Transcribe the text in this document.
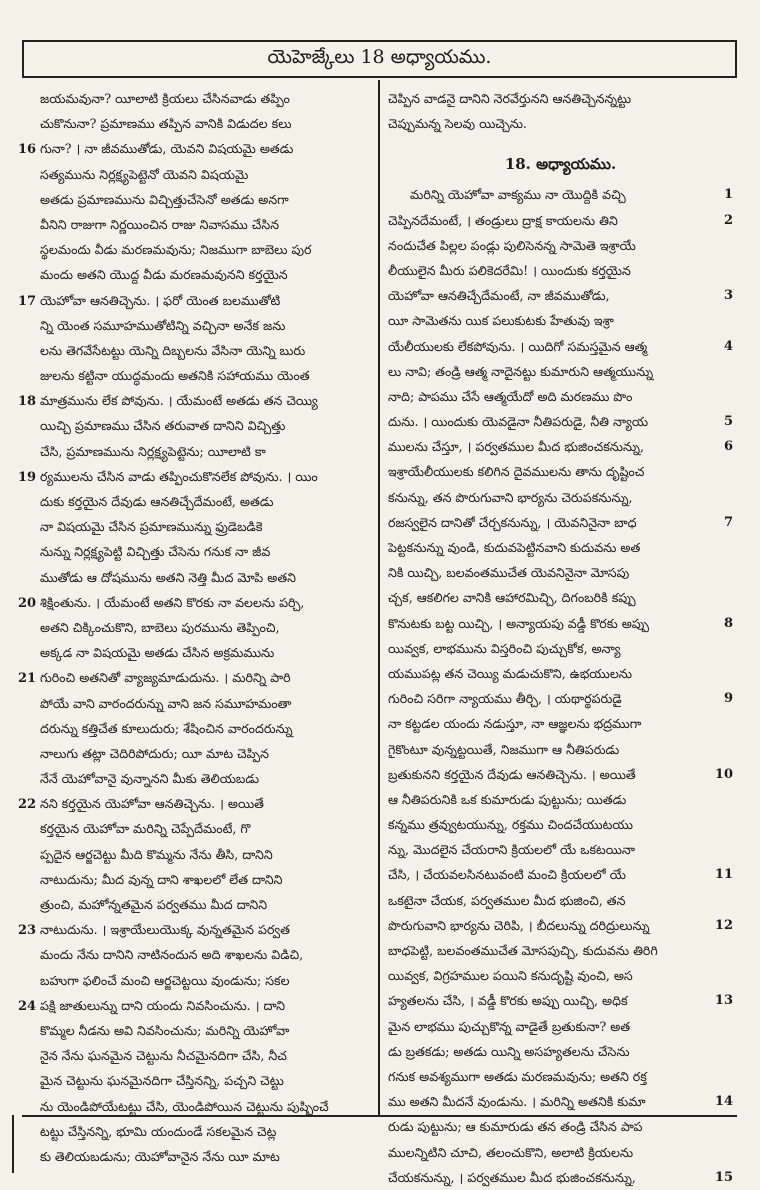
యెహెజ్కేలు 18 అధ్యాయము.
జయమవునా? యీలాటి క్రియలు చేసినవాడు తప్పిం
చుకొనునా? ప్రమాణము తప్పిన వానికి విడుదల కలు
16 గునా? । నా జీవముతోడు, యెవని విషయమై అతడు
సత్యమును నిర్లక్ష్యపెట్టెనో యెవని విషయమై
అతడు ప్రమాణమును విచ్చిత్తుచేసెనో అతడు అనగా
వీనిని రాజుగా నిర్ణయించిన రాజు నివాసము చేసిన
స్థలమందు వీడు మరణమవును; నిజముగా బాబెలు పుర
మందు అతని యొద్ద వీడు మరణమవునని కర్తయైన
17 యెహోవా ఆనతిచ్చెను. । ఫరో యెంత బలముతోటి
న్ని యెంత సమూహముతోటిన్ని వచ్చినా అనేక జను
లను తెగవేసేటట్టు యెన్ని దిబ్బలను వేసినా యెన్ని బురు
జులను కట్టినా యుద్ధమందు అతనికి సహాయము యెంత
18 మాత్రమును లేక పోవును. । యేమంటే అతడు తన చెయ్యి
యిచ్చి ప్రమాణము చేసిన తరువాత దానిని విచ్చిత్తు
చేసి, ప్రమాణమును నిర్లక్ష్యపెట్టెను; యీలాటి కా
19 ర్యములను చేసిన వాడు తప్పించుకొనలేక పోవును. । యిం
దుకు కర్తయైన దేవుడు ఆనతిచ్చేదేమంటే, అతడు
నా విషయమై చేసిన ప్రమాణమున్ను ఫ్రుడెబడికె
నున్ను నిర్లక్ష్యపెట్టి విచ్చిత్తు చేసెను గనుక నా జీవ
ముతోడు ఆ దోషమును అతని నెత్తి మీద మోపి అతని
20 శిక్షింతును. । యేమంటే అతని కొరకు నా వలలను పర్చి,
అతని చిక్కించుకొని, బాబెలు పురమును తెప్పించి,
అక్కడ నా విషయమై అతడు చేసిన అక్రమమును
21 గురించి అతనితో వ్యాజ్యమాడుదును. । మరిన్ని పారి
పోయే వాని వారందరున్ను వాని జన సమూహమంతా
దరున్ను కత్తిచేత కూలుదురు; శేషించిన వారందరున్ను
నాలుగు తట్లా చెదిరిపోదురు; యీ మాట చెప్పిన
నేనే యెహోవానై వున్నానని మీకు తెలియబడు
22 నని కర్తయైన యెహోవా ఆనతిచ్చెను. । అయితే
కర్తయైన యెహోవా మరిన్ని చెప్పేదేమంటే, గొ
ప్పదైన ఆర్జచెట్టు మీది కొమ్మను నేను తీసి, దానిని
నాటుదును; మీద వున్న దాని శాఖలలో లేత దానిని
త్రుంచి, మహోన్నతమైన పర్వతము మీద దానిని
23 నాటుదును. । ఇశ్రాయేలుయొక్క వున్నతమైన పర్వత
మందు నేను దానిని నాటినందున అది శాఖలను విడిచి,
బహుగా ఫలించే మంచి ఆర్జచెట్టయి వుండును; సకల
24 పక్షి జాతులున్ను దాని యందు నివసించును. । దాని
కొమ్మల నీడను అవి నివసించును; మరిన్ని యెహోవా
నైన నేను ఘనమైన చెట్టును నీచమైనదిగా చేసి, నీచ
మైన చెట్టును ఘనమైనదిగా చేస్తినన్ని, పచ్చని చెట్టు
ను యెండిపోయేటట్టు చేసి, యెండిపోయిన చెట్టును పుష్పించే
టట్టు చేస్తినన్ని, భూమి యందుండే సకలమైన చెట్ల
కు తెలియబడును; యెహోవానైన నేను యీ మాట
చెప్పిన వాడనై దానిని నెరవేర్తునని ఆనతిచ్చెనన్నట్టు
చెప్పుమన్న సెలవు యిచ్చెను.
18. అధ్యాయము.
మరిన్ని యెహోవా వాక్యము నా యొద్దికి వచ్చి	1
చెప్పినదేమంటే, । తండ్రులు ద్రాక్ష కాయలను తిని	2
నందుచేత పిల్లల పండ్లు పులిసెనన్న సామెతె ఇశ్రాయే
లీయులైన మీరు పలికెదరేమి! । యిందుకు కర్తయైన
యెహోవా ఆనతిచ్చేదేమంటే, నా జీవముతోడు,	3
యీ సామెతను యిక పలుకుటకు హేతువు ఇశ్రా
యేలీయులకు లేకపోవును. । యిదిగో సమస్తమైన ఆత్మ	4
లు నావి; తండ్రి ఆత్మ నాదైనట్టు కుమారుని ఆత్మయున్ను
నాది; పాపము చేసే ఆత్మయేదో అది మరణము పొం
దును. । యిందుకు యెవడైనా నీతిపరుడై, నీతి న్యాయ	5
ములను చేస్తూ, । పర్వతముల మీద భుజించకనున్ను,	6
ఇశ్రాయేలీయులకు కలిగిన దైవములను తాను దృష్టించ
కనున్ను, తన పొరుగువాని భార్యను చెరుపకనున్ను,
రజస్వలైన దానితో చేర్చకనున్ను, । యెవనినైనా బాధ	7
పెట్టకనున్ను వుండి, కుదువపెట్టినవాని కుదువను అత
నికి యిచ్చి, బలవంతముచేత యెవనినైనా మోసపు
చ్చక, ఆకలిగల వానికి ఆహారమిచ్చి, దిగంబరికి కప్పు
కొనుటకు బట్ట యిచ్చి, । అన్యాయపు వడ్డీ కొరకు అప్పు	8
యివ్వక, లాభమును విస్తరించి పుచ్చుకోక, అన్యా
యముపట్ల తన చెయ్యి మడుచుకొని, ఉభయులను
గురించి సరిగా న్యాయము తీర్చి, । యథార్థపరుడై	9
నా కట్టడల యందు నడుస్తూ, నా ఆజ్ఞలను భద్రముగా
గైకొంటూ వున్నట్టయితే, నిజముగా ఆ నీతిపరుడు
బ్రతుకునని కర్తయైన దేవుడు ఆనతిచ్చెను. । అయితే	10
ఆ నీతిపరునికి ఒక కుమారుడు పుట్టును; యితడు
కన్నము త్రవ్వుటయున్ను, రక్తము చిందచేయుటయు
న్ను, మొదలైన చేయరాని క్రియలలో యే ఒకటయినా
చేసి, । చేయవలసినటువంటి మంచి క్రియలలో యే	11
ఒకటైనా చేయక, పర్వతముల మీద భుజించి, తన
పొరుగువాని భార్యను చెరిపి, । బీదలున్ను దరిద్రులున్ను	12
బాధపెట్టి, బలవంతముచేత మోసపుచ్చి, కుదువను తిరిగి
యివ్వక, విగ్రహముల పయిని కనుదృష్టి వుంచి, అస
హ్యతలను చేసి, । వడ్డీ కొరకు అప్పు యిచ్చి, అధిక	13
మైన లాభము పుచ్చుకొన్న వాడైతే బ్రతుకునా? అత
డు బ్రతకడు; అతడు యిన్ని అసహ్యతలను చేసెను
గనుక అవశ్యముగా అతడు మరణమవును; అతని రక్త
ము అతని మీదనే వుండును. । మరిన్ని అతనికి కుమా	14
రుడు పుట్టును; ఆ కుమారుడు తన తండ్రి చేసిన పాప
ములన్నిటిని చూచి, తలంచుకొని, అలాటి క్రియలను
చేయకనున్ను, । పర్వతముల మీద భుజించకనున్ను,	15
